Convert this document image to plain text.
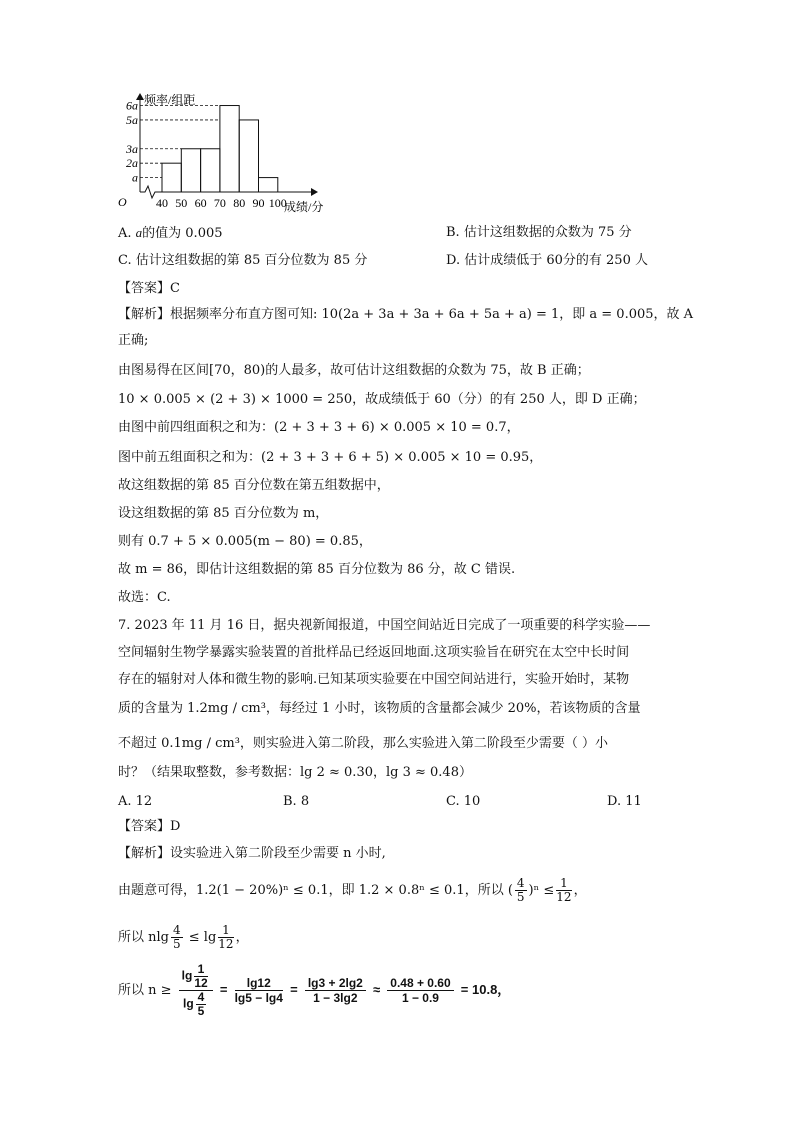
频率/组距
成绩/分
O
6a
5a
3a
2a
a
40 50 60 70 80 90 100
A. a的值为 0.005	B. 估计这组数据的众数为 75 分
C. 估计这组数据的第 85 百分位数为 85 分	D. 估计成绩低于 60分的有 250 人
【答案】C
【解析】根据频率分布直方图可知: 10(2a + 3a + 3a + 6a + 5a + a) = 1，即 a = 0.005，故 A
正确;
由图易得在区间[70，80)的人最多，故可估计这组数据的众数为 75，故 B 正确；
10 × 0.005 × (2 + 3) × 1000 = 250，故成绩低于 60（分）的有 250 人，即 D 正确；
由图中前四组面积之和为：(2 + 3 + 3 + 6) × 0.005 × 10 = 0.7，
图中前五组面积之和为：(2 + 3 + 3 + 6 + 5) × 0.005 × 10 = 0.95，
故这组数据的第 85 百分位数在第五组数据中，
设这组数据的第 85 百分位数为 m，
则有 0.7 + 5 × 0.005(m − 80) = 0.85，
故 m = 86，即估计这组数据的第 85 百分位数为 86 分，故 C 错误.
故选：C.
7. 2023 年 11 月 16 日，据央视新闻报道，中国空间站近日完成了一项重要的科学实验——
空间辐射生物学暴露实验装置的首批样品已经返回地面.这项实验旨在研究在太空中长时间
存在的辐射对人体和微生物的影响.已知某项实验要在中国空间站进行，实验开始时，某物
质的含量为 1.2mg / cm³，每经过 1 小时，该物质的含量都会减少 20%，若该物质的含量
不超过 0.1mg / cm³，则实验进入第二阶段，那么实验进入第二阶段至少需要（ ）小
时？（结果取整数，参考数据：lg 2 ≈ 0.30，lg 3 ≈ 0.48）
A. 12	B. 8	C. 10	D. 11
【答案】D
【解析】设实验进入第二阶段至少需要 n 小时,
由题意可得，1.2(1 − 20%)ⁿ ≤ 0.1，即 1.2 × 0.8ⁿ ≤ 0.1，所以 ( $\frac{4}{5} )^n \le \frac{1}{12}$ ，
所以 nlg $\frac{4}{5} \le \lg \frac{1}{12}$ ，
所以 $n \ge \frac{\lg \frac{1}{12}}{\lg \frac{4}{5}} = \frac{\lg 12}{\lg 5 - \lg 4} = \frac{\lg 3 + 2\lg 2}{1 - 3\lg 2} \approx \frac{0.48 + 0.60}{1 - 0.9} = 10.8$，
